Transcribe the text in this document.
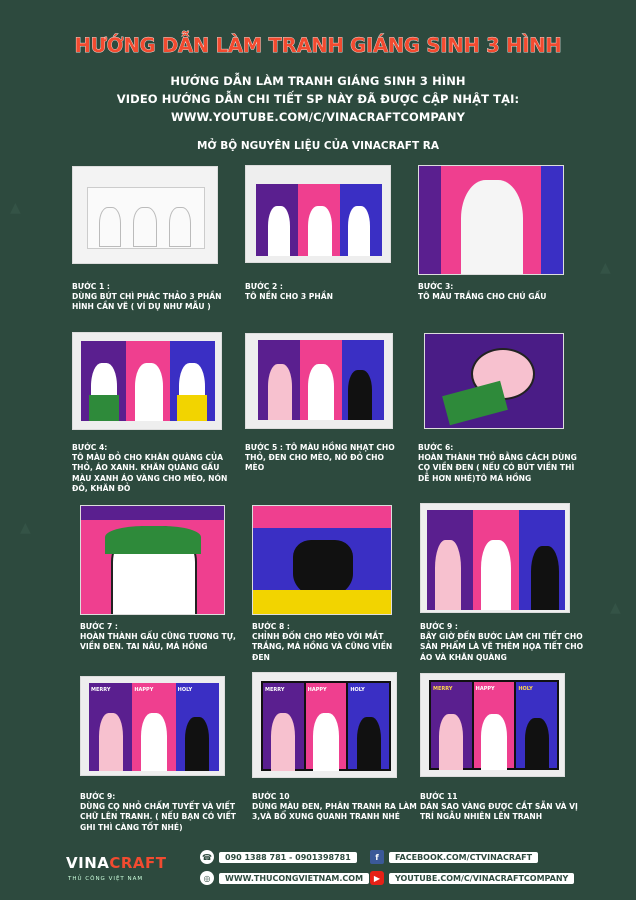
▲
▲
▲
▲
HƯỚNG DẪN LÀM TRANH GIÁNG SINH 3 HÌNH
HƯỚNG DẪN LÀM TRANH GIÁNG SINH 3 HÌNH
VIDEO HƯỚNG DẪN CHI TIẾT SP NÀY ĐÃ ĐƯỢC CẬP NHẬT TẠI:
WWW.YOUTUBE.COM/C/VINACRAFTCOMPANY
MỞ BỘ NGUYÊN LIỆU CỦA VINACRAFT RA
BƯỚC 1 :
DÙNG BÚT CHÌ PHÁC THẢO 3 PHẦN HÌNH CẦN VẼ ( VÍ DỤ NHƯ MẪU )
BƯỚC 2 :
TÔ NỀN CHO 3 PHẦN
BƯỚC 3:
TÔ MÀU TRẮNG CHO CHÚ GẤU
BƯỚC 4:
TÔ MÀU ĐỎ CHO KHĂN QUÀNG CỦA THỎ, ÁO XANH. KHĂN QUÀNG GẤU MÀU XANH ÁO VÀNG CHO MÈO, NÓN ĐỎ, KHĂN ĐỎ
BƯỚC 5 : TÔ MÀU HỒNG NHẠT CHO THỎ, ĐEN CHO MÈO, NÓ ĐỎ CHO MÈO
BƯỚC 6:
HOÀN THÀNH THỎ BẰNG CÁCH DÙNG CỌ VIỀN ĐEN ( NẾU CÓ BÚT VIỀN THÌ DỄ HƠN NHÉ)TÔ MÁ HỒNG
BƯỚC 7 :
HOÀN THÀNH GẤU CŨNG TƯƠNG TỰ, VIỀN ĐEN. TAI NÂU, MÁ HỒNG
BƯỚC 8 :
CHỈNH ĐỐN CHO MÈO VỚI MẮT TRẮNG, MÁ HỒNG VÀ CŨNG VIỀN ĐEN
BƯỚC 9 :
BÂY GIỜ ĐẾN BƯỚC LÀM CHI TIẾT CHO SẢN PHẨM LÀ VẼ THÊM HỌA TIẾT CHO ÁO VÀ KHĂN QUÀNG
MERRY	HAPPY	HOLY	MERRY	HAPPY	HOLY	MERRY	HAPPY	HOLY
BƯỚC 9:
DÙNG CỌ NHỎ CHẤM TUYẾT VÀ VIẾT CHỮ LÊN TRANH. ( NẾU BẠN CÓ VIẾT GHI THÌ CÀNG TỐT NHÉ)
BƯỚC 10
DÙNG MÀU ĐEN, PHÂN TRANH RA LÀM 3,VÀ BỔ XUNG QUANH TRANH NHÉ
BƯỚC 11
DÁN SAO VÀNG ĐƯỢC CẮT SẴN VÀ VỊ TRÍ NGẪU NHIÊN LÊN TRANH
VINACRAFT
THỦ CÔNG VIỆT NAM
☎	090 1388 781 - 0901398781
◎	WWW.THUCONGVIETNAM.COM
f	FACEBOOK.COM/CTVINACRAFT
▶	YOUTUBE.COM/C/VINACRAFTCOMPANY
